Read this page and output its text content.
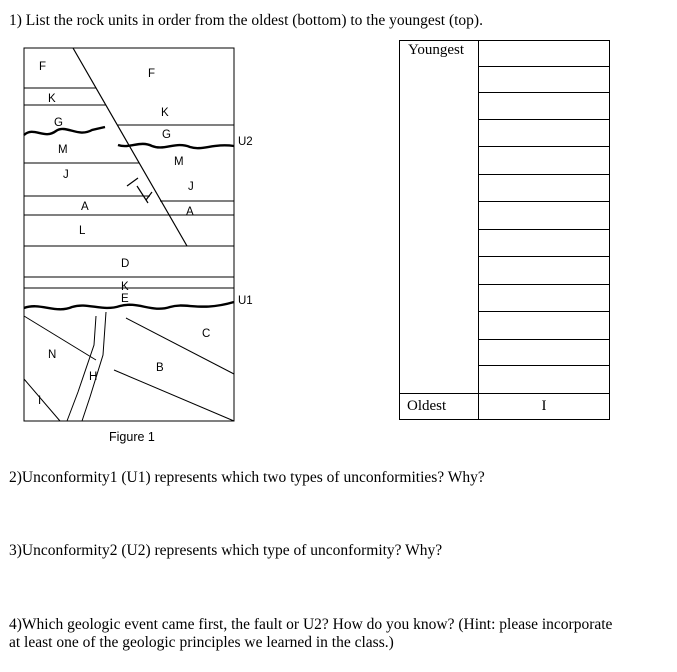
1) List the rock units in order from the oldest (bottom) to the youngest (top).
F
K
G
M
J
A
L
F
K
G
M
J
A
D
K
E
C
B
N
H
I
U2
U1
Figure 1
Youngest	

Oldest	I
2)Unconformity1 (U1) represents which two types of unconformities? Why?
3)Unconformity2 (U2) represents which type of unconformity? Why?
4)Which geologic event came first, the fault or U2? How do you know? (Hint: please incorporate
at least one of the geologic principles we learned in the class.)
